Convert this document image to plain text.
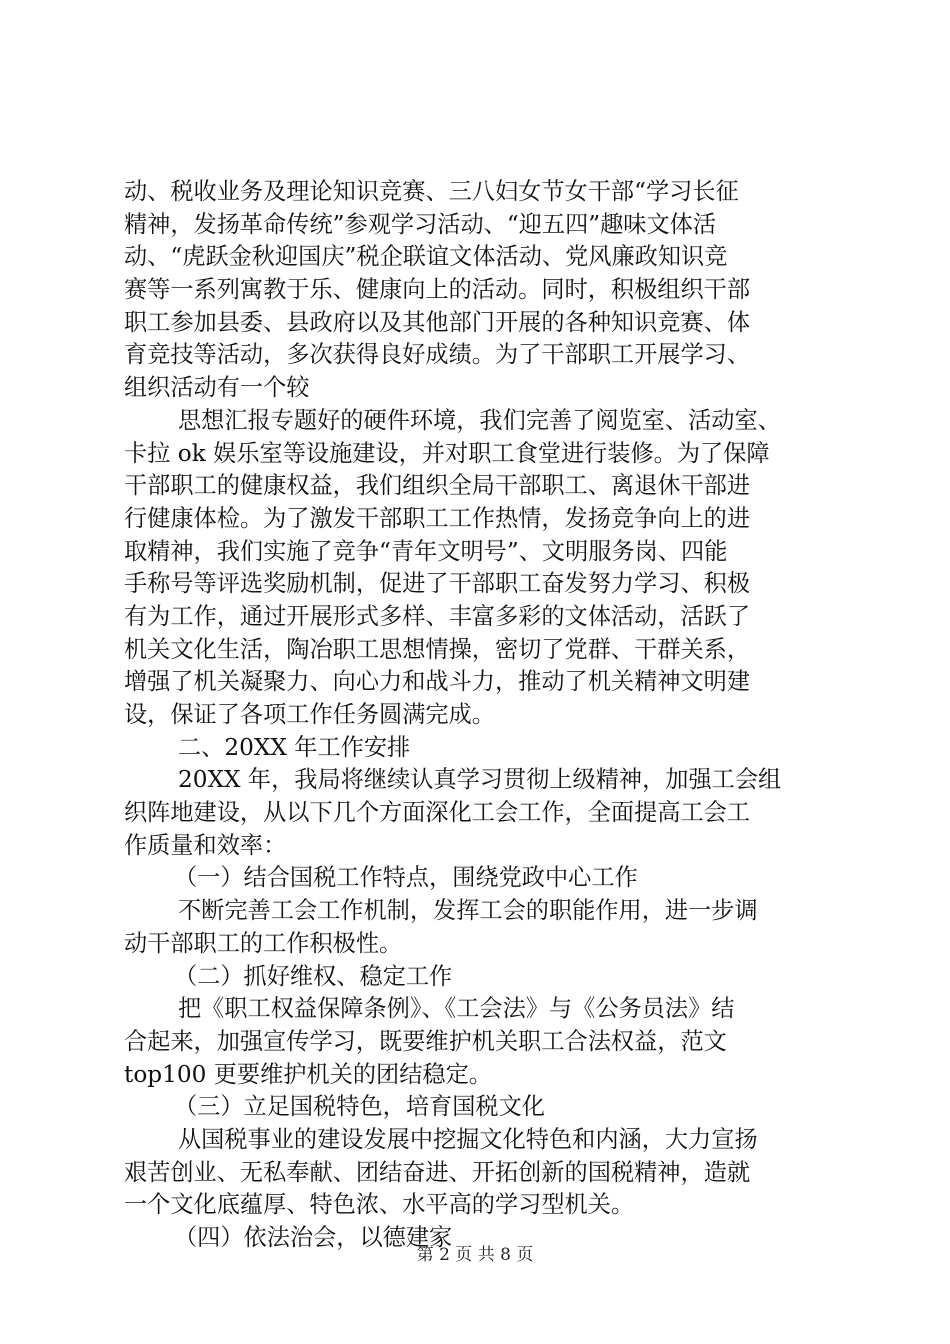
动、税收业务及理论知识竞赛、三八妇女节女干部“学习长征
精神，发扬革命传统”参观学习活动、“迎五四”趣味文体活
动、“虎跃金秋迎国庆”税企联谊文体活动、党风廉政知识竞
赛等一系列寓教于乐、健康向上的活动。同时，积极组织干部
职工参加县委、县政府以及其他部门开展的各种知识竞赛、体
育竞技等活动，多次获得良好成绩。为了干部职工开展学习、
组织活动有一个较
思想汇报专题好的硬件环境，我们完善了阅览室、活动室、
卡拉 ok 娱乐室等设施建设，并对职工食堂进行装修。为了保障
干部职工的健康权益，我们组织全局干部职工、离退休干部进
行健康体检。为了激发干部职工工作热情，发扬竞争向上的进
取精神，我们实施了竞争“青年文明号”、文明服务岗、四能
手称号等评选奖励机制，促进了干部职工奋发努力学习、积极
有为工作，通过开展形式多样、丰富多彩的文体活动，活跃了
机关文化生活，陶冶职工思想情操，密切了党群、干群关系，
增强了机关凝聚力、向心力和战斗力，推动了机关精神文明建
设，保证了各项工作任务圆满完成。
二、20XX 年工作安排
20XX 年，我局将继续认真学习贯彻上级精神，加强工会组
织阵地建设，从以下几个方面深化工会工作，全面提高工会工
作质量和效率：
（一）结合国税工作特点，围绕党政中心工作
不断完善工会工作机制，发挥工会的职能作用，进一步调
动干部职工的工作积极性。
（二）抓好维权、稳定工作
把《职工权益保障条例》、《工会法》与《公务员法》结
合起来，加强宣传学习，既要维护机关职工合法权益，范文
top100 更要维护机关的团结稳定。
（三）立足国税特色，培育国税文化
从国税事业的建设发展中挖掘文化特色和内涵，大力宣扬
艰苦创业、无私奉献、团结奋进、开拓创新的国税精神，造就
一个文化底蕴厚、特色浓、水平高的学习型机关。
（四）依法治会，以德建家
第 2 页 共 8 页
